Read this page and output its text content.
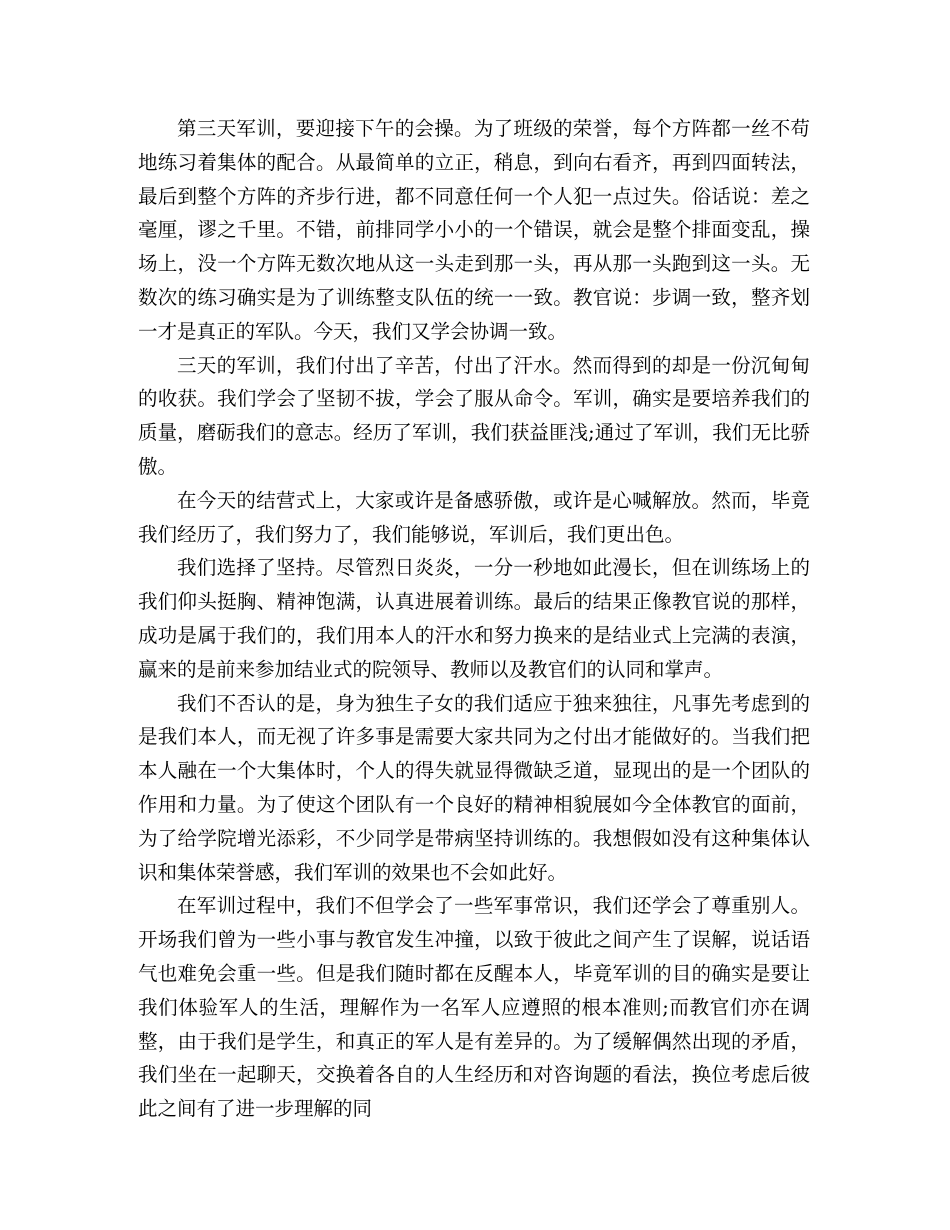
第三天军训，要迎接下午的会操。为了班级的荣誉，每个方阵都一丝不苟地练习着集体的配合。从最简单的立正，稍息，到向右看齐，再到四面转法，最后到整个方阵的齐步行进，都不同意任何一个人犯一点过失。俗话说：差之毫厘，谬之千里。不错，前排同学小小的一个错误，就会是整个排面变乱，操场上，没一个方阵无数次地从这一头走到那一头，再从那一头跑到这一头。无数次的练习确实是为了训练整支队伍的统一一致。教官说：步调一致，整齐划一才是真正的军队。今天，我们又学会协调一致。

三天的军训，我们付出了辛苦，付出了汗水。然而得到的却是一份沉甸甸的收获。我们学会了坚韧不拔，学会了服从命令。军训，确实是要培养我们的质量，磨砺我们的意志。经历了军训，我们获益匪浅;通过了军训，我们无比骄傲。

在今天的结营式上，大家或许是备感骄傲，或许是心喊解放。然而，毕竟我们经历了，我们努力了，我们能够说，军训后，我们更出色。

我们选择了坚持。尽管烈日炎炎，一分一秒地如此漫长，但在训练场上的我们仰头挺胸、精神饱满，认真进展着训练。最后的结果正像教官说的那样，成功是属于我们的，我们用本人的汗水和努力换来的是结业式上完满的表演，赢来的是前来参加结业式的院领导、教师以及教官们的认同和掌声。

我们不否认的是，身为独生子女的我们适应于独来独往，凡事先考虑到的是我们本人，而无视了许多事是需要大家共同为之付出才能做好的。当我们把本人融在一个大集体时，个人的得失就显得微缺乏道，显现出的是一个团队的作用和力量。为了使这个团队有一个良好的精神相貌展如今全体教官的面前，为了给学院增光添彩，不少同学是带病坚持训练的。我想假如没有这种集体认识和集体荣誉感，我们军训的效果也不会如此好。

在军训过程中，我们不但学会了一些军事常识，我们还学会了尊重别人。开场我们曾为一些小事与教官发生冲撞，以致于彼此之间产生了误解，说话语气也难免会重一些。但是我们随时都在反醒本人，毕竟军训的目的确实是要让我们体验军人的生活，理解作为一名军人应遵照的根本准则;而教官们亦在调整，由于我们是学生，和真正的军人是有差异的。为了缓解偶然出现的矛盾，我们坐在一起聊天，交换着各自的人生经历和对咨询题的看法，换位考虑后彼此之间有了进一步理解的同
